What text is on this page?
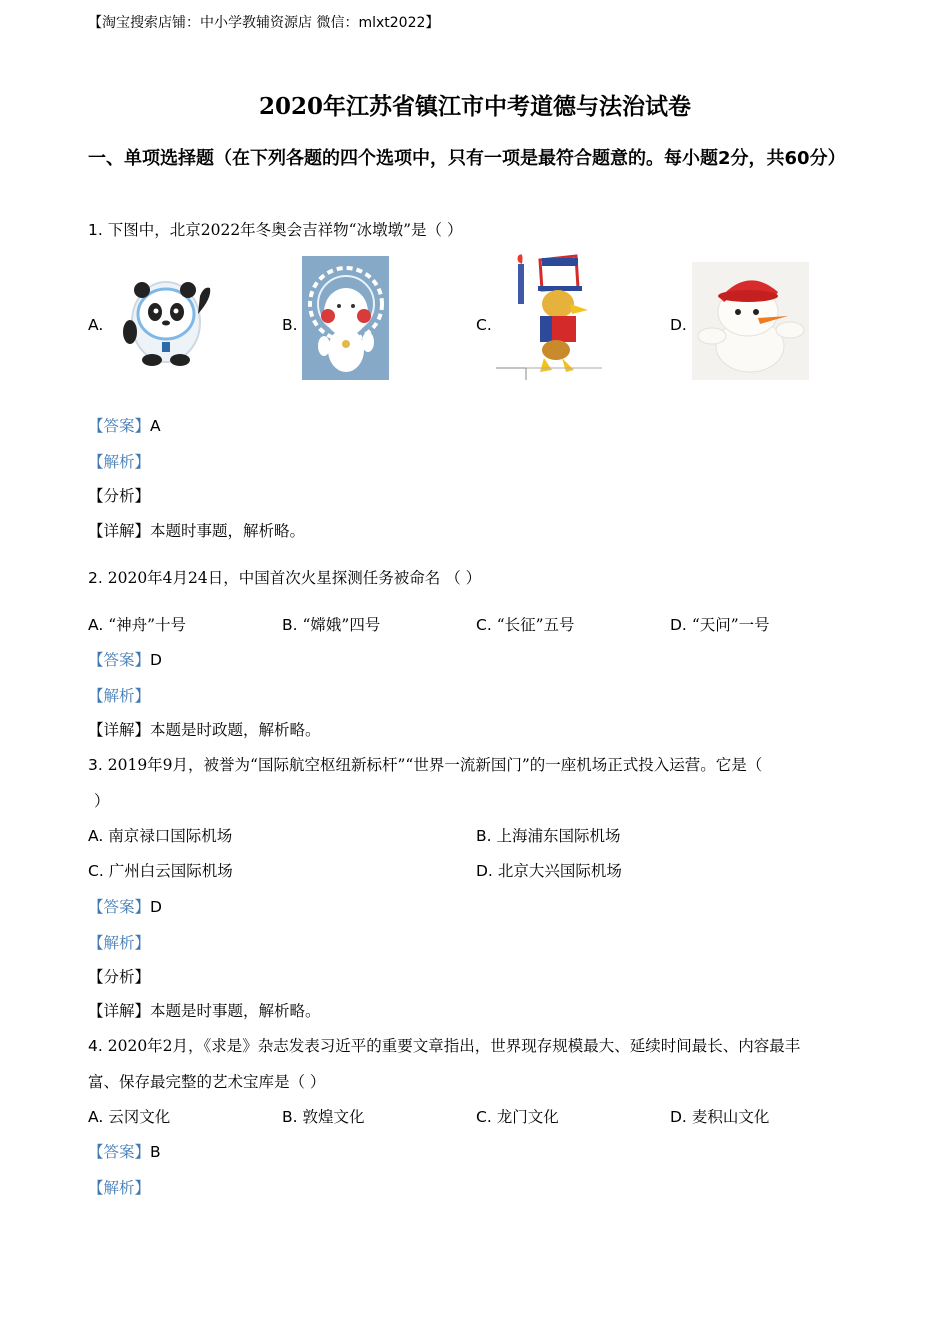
【淘宝搜索店铺：中小学教辅资源店 微信：mlxt2022】
2020年江苏省镇江市中考道德与法治试卷
一、单项选择题（在下列各题的四个选项中，只有一项是最符合题意的。每小题2分，共60分）
1. 下图中，北京2022年冬奥会吉祥物“冰墩墩”是（ ）
A.	B.	C.	D.
【答案】A
【解析】
【分析】
【详解】本题时事题，解析略。
2. 2020年4月24日，中国首次火星探测任务被命名 （ ）
A. “神舟”十号	B. “嫦娥”四号	C. “长征”五号	D. “天问”一号
【答案】D
【解析】
【详解】本题是时政题，解析略。
3. 2019年9月，被誉为“国际航空枢纽新标杆”“世界一流新国门”的一座机场正式投入运营。它是（
）
A. 南京禄口国际机场	B. 上海浦东国际机场
C. 广州白云国际机场	D. 北京大兴国际机场
【答案】D
【解析】
【分析】
【详解】本题是时事题，解析略。
4. 2020年2月，《求是》杂志发表习近平的重要文章指出，世界现存规模最大、延续时间最长、内容最丰
富、保存最完整的艺术宝库是（ ）
A. 云冈文化	B. 敦煌文化	C. 龙门文化	D. 麦积山文化
【答案】B
【解析】
